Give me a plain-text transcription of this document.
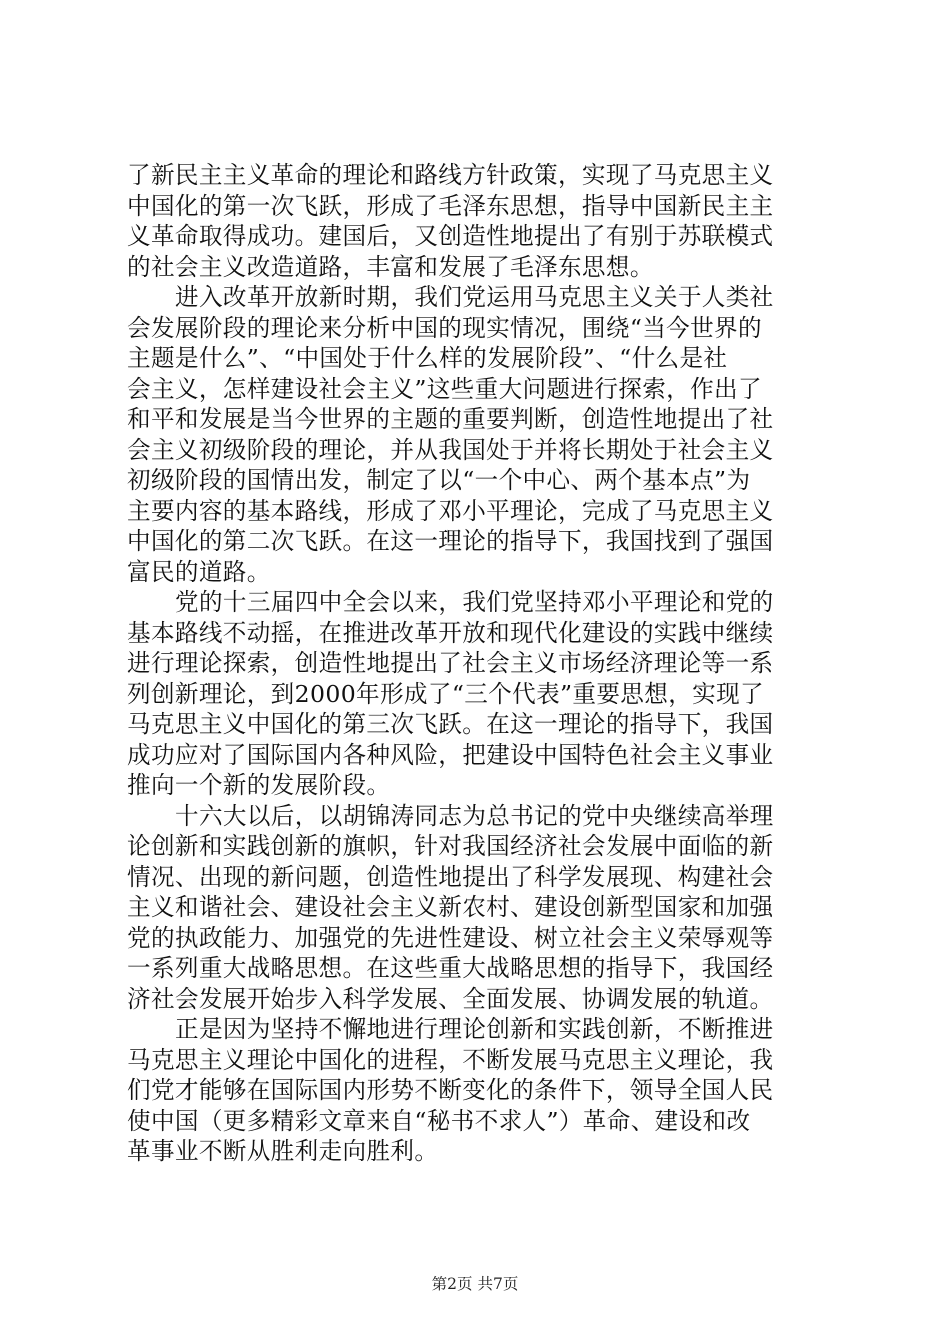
了新民主主义革命的理论和路线方针政策，实现了马克思主义
中国化的第一次飞跃，形成了毛泽东思想，指导中国新民主主
义革命取得成功。建国后，又创造性地提出了有别于苏联模式
的社会主义改造道路，丰富和发展了毛泽东思想。
进入改革开放新时期，我们党运用马克思主义关于人类社
会发展阶段的理论来分析中国的现实情况，围绕“当今世界的
主题是什么”、“中国处于什么样的发展阶段”、“什么是社
会主义，怎样建设社会主义”这些重大问题进行探索，作出了
和平和发展是当今世界的主题的重要判断，创造性地提出了社
会主义初级阶段的理论，并从我国处于并将长期处于社会主义
初级阶段的国情出发，制定了以“一个中心、两个基本点”为
主要内容的基本路线，形成了邓小平理论，完成了马克思主义
中国化的第二次飞跃。在这一理论的指导下，我国找到了强国
富民的道路。
党的十三届四中全会以来，我们党坚持邓小平理论和党的
基本路线不动摇，在推进改革开放和现代化建设的实践中继续
进行理论探索，创造性地提出了社会主义市场经济理论等一系
列创新理论，到2000年形成了“三个代表”重要思想，实现了
马克思主义中国化的第三次飞跃。在这一理论的指导下，我国
成功应对了国际国内各种风险，把建设中国特色社会主义事业
推向一个新的发展阶段。
十六大以后，以胡锦涛同志为总书记的党中央继续高举理
论创新和实践创新的旗帜，针对我国经济社会发展中面临的新
情况、出现的新问题，创造性地提出了科学发展现、构建社会
主义和谐社会、建设社会主义新农村、建设创新型国家和加强
党的执政能力、加强党的先进性建设、树立社会主义荣辱观等
一系列重大战略思想。在这些重大战略思想的指导下，我国经
济社会发展开始步入科学发展、全面发展、协调发展的轨道。
正是因为坚持不懈地进行理论创新和实践创新，不断推进
马克思主义理论中国化的进程，不断发展马克思主义理论，我
们党才能够在国际国内形势不断变化的条件下，领导全国人民
使中国（更多精彩文章来自“秘书不求人”）革命、建设和改
革事业不断从胜利走向胜利。
第2页 共7页
